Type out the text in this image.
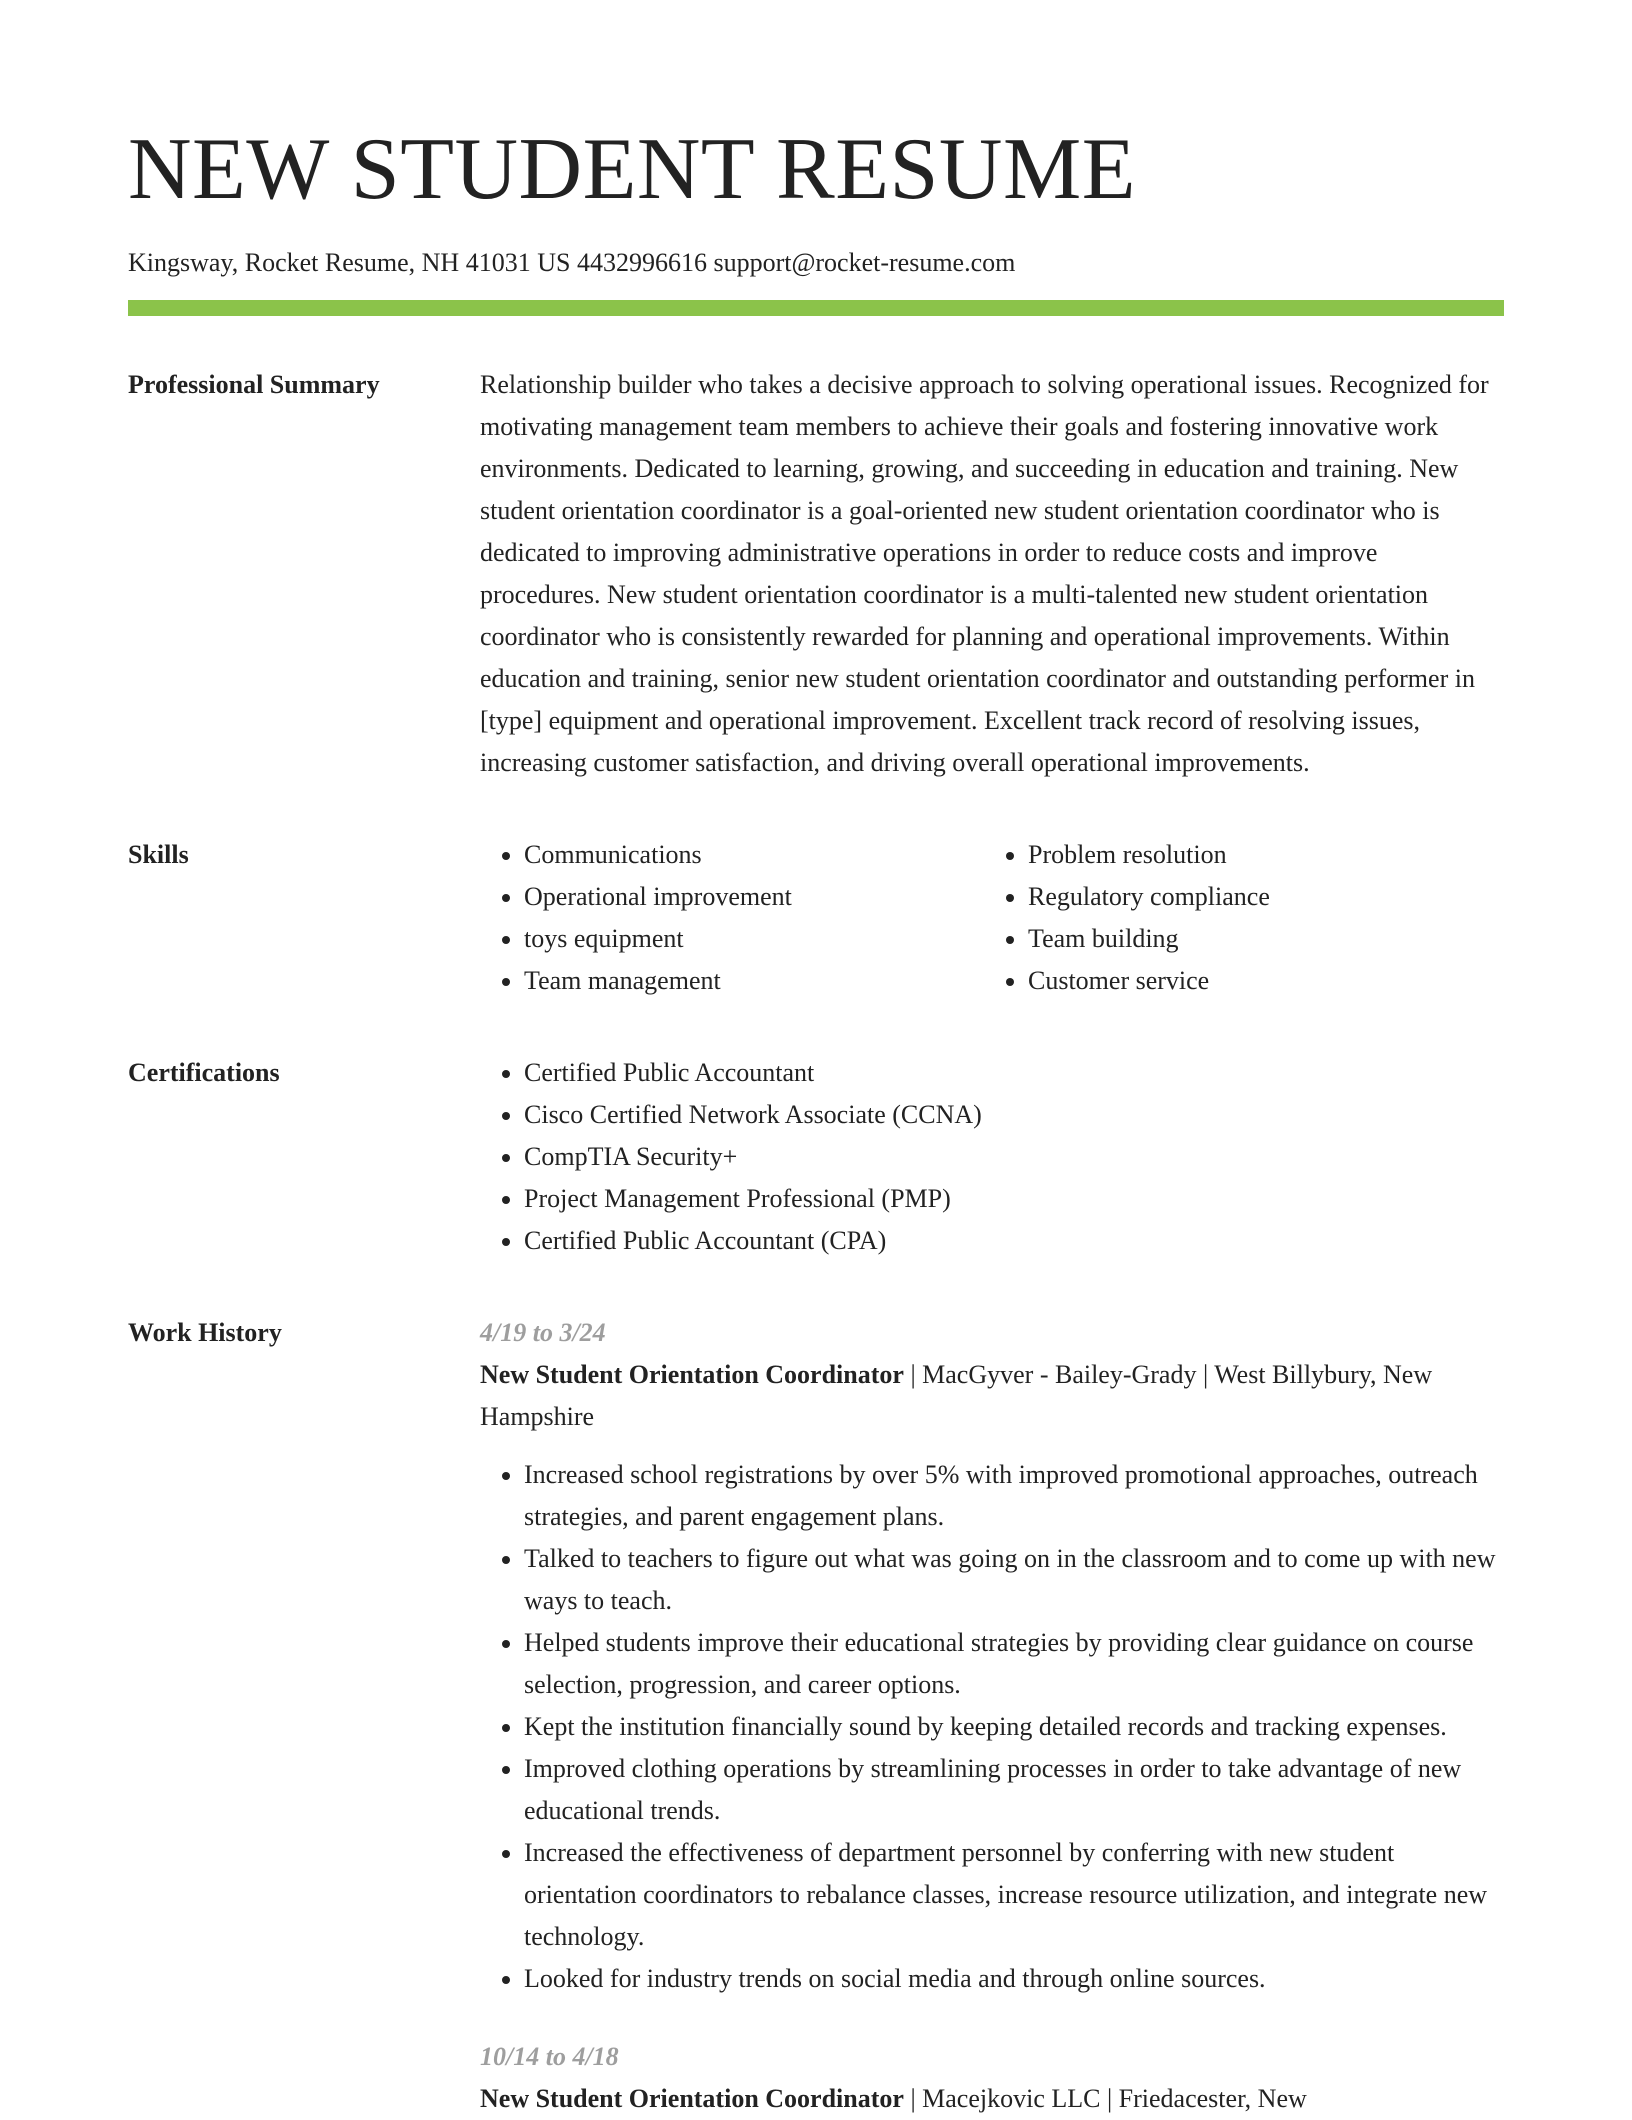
NEW STUDENT RESUME
Kingsway, Rocket Resume, NH 41031 US 4432996616 support@rocket-resume.com
Professional Summary	Relationship builder who takes a decisive approach to solving operational issues. Recognized for motivating management team members to achieve their goals and fostering innovative work environments. Dedicated to learning, growing, and succeeding in education and training. New student orientation coordinator is a goal-oriented new student orientation coordinator who is dedicated to improving administrative operations in order to reduce costs and improve procedures. New student orientation coordinator is a multi-talented new student orientation coordinator who is consistently rewarded for planning and operational improvements. Within education and training, senior new student orientation coordinator and outstanding performer in [type] equipment and operational improvement. Excellent track record of resolving issues, increasing customer satisfaction, and driving overall operational improvements.

Skills	• Communications
• Operational improvement
• toys equipment
• Team management
• Problem resolution
• Regulatory compliance
• Team building
• Customer service
Certifications	• Certified Public Accountant
• Cisco Certified Network Associate (CCNA)
• CompTIA Security+
• Project Management Professional (PMP)
• Certified Public Accountant (CPA)
Work History	4/19 to 3/24
New Student Orientation Coordinator | MacGyver - Bailey-Grady | West Billybury, New Hampshire
• Increased school registrations by over 5% with improved promotional approaches, outreach strategies, and parent engagement plans.
• Talked to teachers to figure out what was going on in the classroom and to come up with new ways to teach.
• Helped students improve their educational strategies by providing clear guidance on course selection, progression, and career options.
• Kept the institution financially sound by keeping detailed records and tracking expenses.
• Improved clothing operations by streamlining processes in order to take advantage of new educational trends.
• Increased the effectiveness of department personnel by conferring with new student orientation coordinators to rebalance classes, increase resource utilization, and integrate new technology.
• Looked for industry trends on social media and through online sources.
10/14 to 4/18
New Student Orientation Coordinator | Macejkovic LLC | Friedacester, New
